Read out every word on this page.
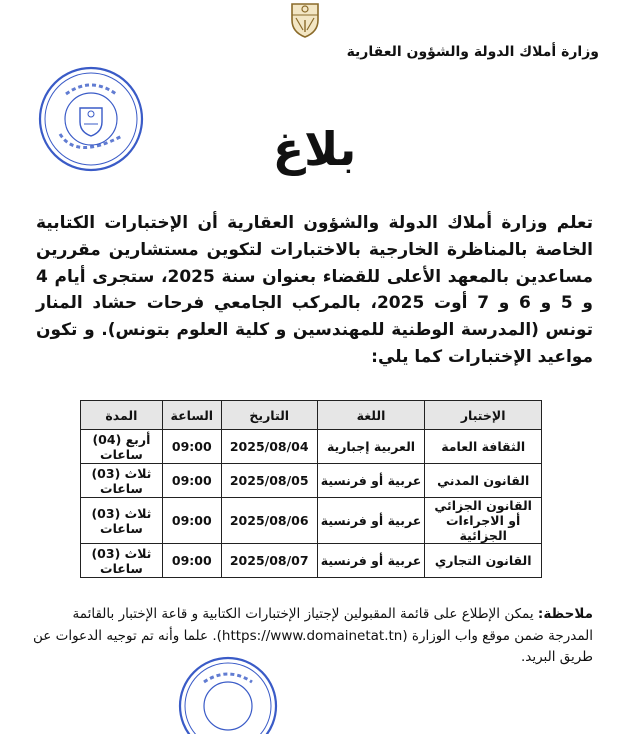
وزارة أملاك الدولة والشؤون العقارية
بلاغ
تعلم وزارة أملاك الدولة والشؤون العقارية أن الإختبارات الكتابية الخاصة بالمناظرة الخارجية بالاختبارات لتكوين مستشارين مقررين مساعدين بالمعهد الأعلى للقضاء بعنوان سنة 2025، ستجرى أيام 4 و 5 و 6 و 7 أوت 2025، بالمركب الجامعي فرحات حشاد المنار تونس (المدرسة الوطنية للمهندسين و كلية العلوم بتونس). و تكون مواعيد الإختبارات كما يلي:
الإختبار	اللغة	التاريخ	الساعة	المدة
الثقافة العامة	العربية إجبارية	2025/08/04	09:00	أربع (04) ساعات
القانون المدني	عربية أو فرنسية	2025/08/05	09:00	ثلاث (03) ساعات
القانون الجزائي أو الاجراءات الجزائية	عربية أو فرنسية	2025/08/06	09:00	ثلاث (03) ساعات
القانون التجاري	عربية أو فرنسية	2025/08/07	09:00	ثلاث (03) ساعات
ملاحظة: يمكن الإطلاع على قائمة المقبولين لإجتياز الإختبارات الكتابية و قاعة الإختبار بالقائمة المدرجة ضمن موقع واب الوزارة (https://www.domainetat.tn). علما وأنه تم توجيه الدعوات عن طريق البريد.
